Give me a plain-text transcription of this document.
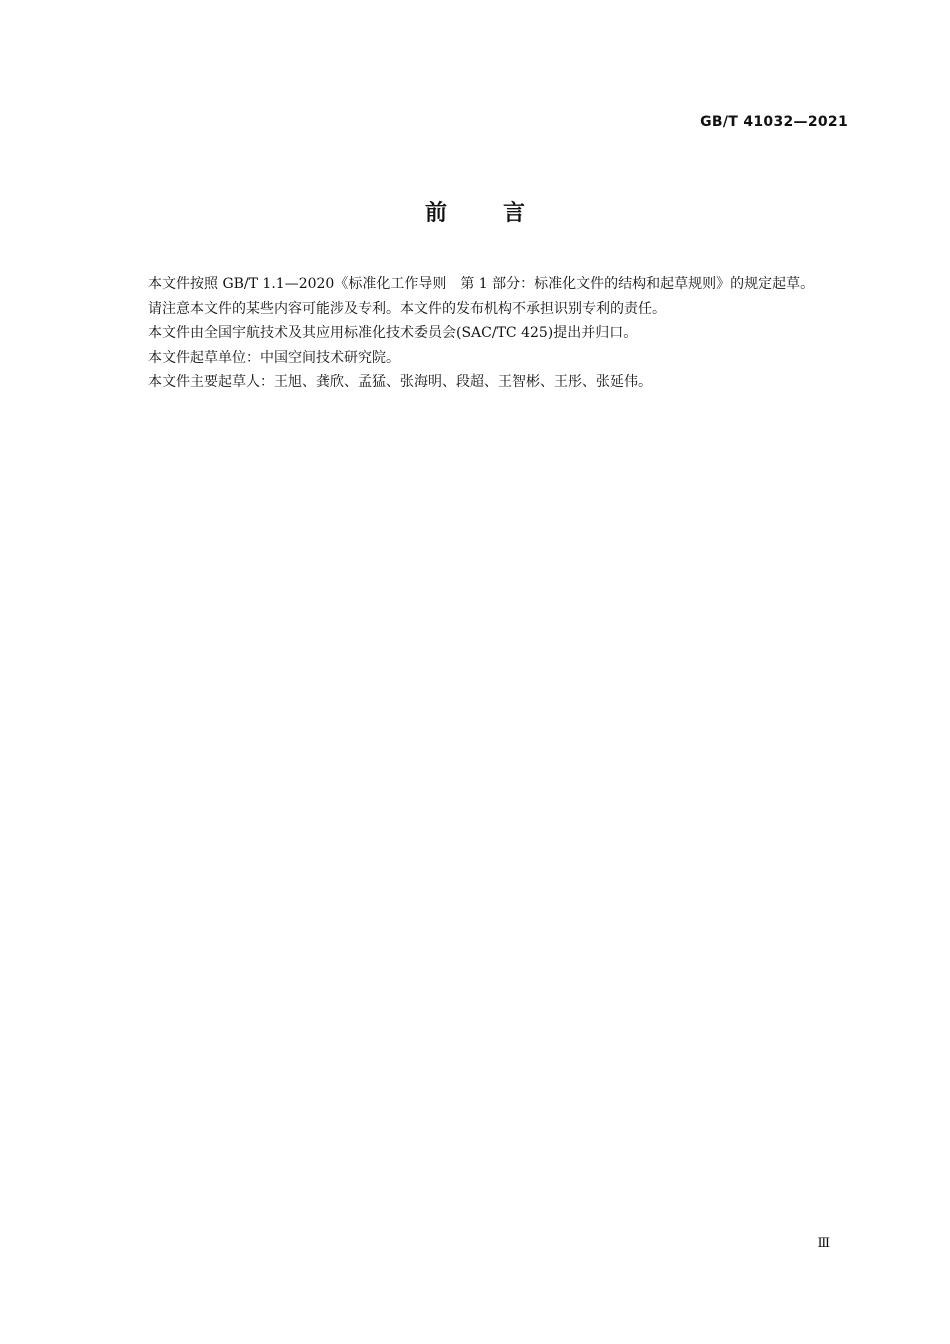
GB/T 41032—2021
前	言

本文件按照 GB/T 1.1—2020《标准化工作导则　第 1 部分：标准化文件的结构和起草规则》的规定起草。

请注意本文件的某些内容可能涉及专利。本文件的发布机构不承担识别专利的责任。

本文件由全国宇航技术及其应用标准化技术委员会(SAC/TC 425)提出并归口。

本文件起草单位：中国空间技术研究院。

本文件主要起草人：王旭、龚欣、孟猛、张海明、段超、王智彬、王彤、张延伟。

Ⅲ
